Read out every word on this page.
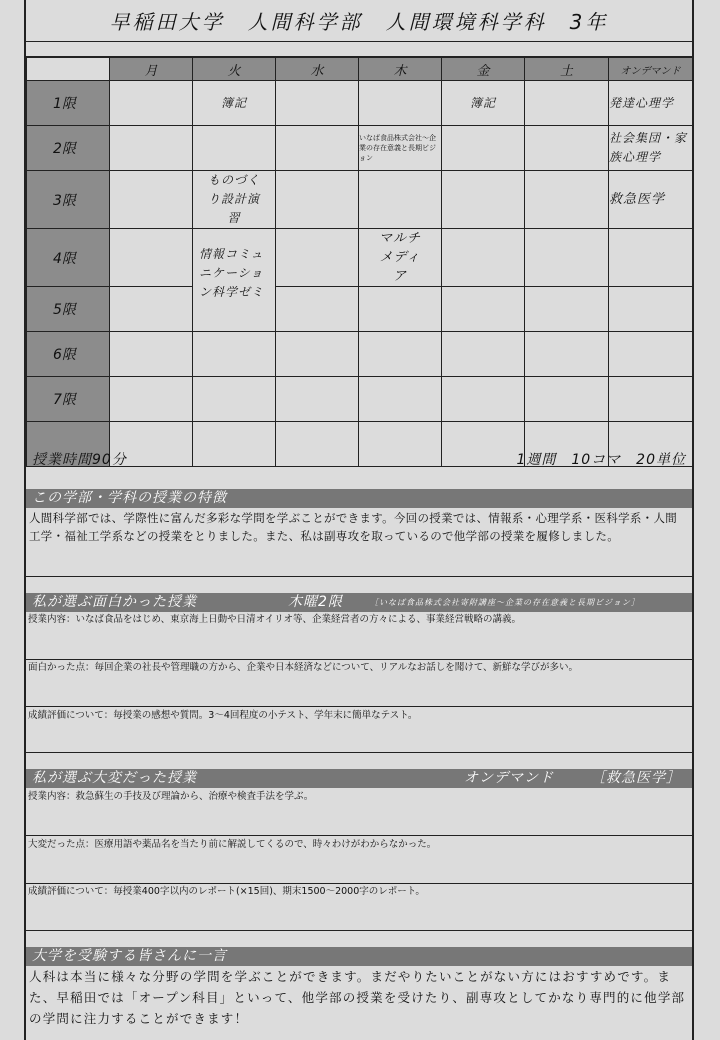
早稲田大学　人間科学部　人間環境科学科　3年
	月	火	水	木	金	土	オンデマンド
1限		簿記			簿記		発達心理学
2限				いなば食品株式会社～企業の存在意義と長期ビジョン			社会集団・家族心理学
3限		ものづくり設計演習					救急医学
4限		情報コミュニケーション科学ゼミ		マルチメディア			
5限							
6限							
7限							

授業時間90分	1週間　10コマ　20単位
この学部・学科の授業の特徴
人間科学部では、学際性に富んだ多彩な学問を学ぶことができます。今回の授業では、情報系・心理学系・医科学系・人間工学・福祉工学系などの授業をとりました。また、私は副専攻を取っているので他学部の授業を履修しました。
私が選ぶ面白かった授業	木曜2限	［いなば食品株式会社寄附講座～企業の存在意義と長期ビジョン］
授業内容：いなば食品をはじめ、東京海上日動や日清オイリオ等、企業経営者の方々による、事業経営戦略の講義。
面白かった点：毎回企業の社長や管理職の方から、企業や日本経済などについて、リアルなお話しを聞けて、新鮮な学びが多い。
成績評価について：毎授業の感想や質問。3～4回程度の小テスト、学年末に簡単なテスト。
私が選ぶ大変だった授業	オンデマンド	［救急医学］
授業内容：救急蘇生の手技及び理論から、治療や検査手法を学ぶ。
大変だった点：医療用語や薬品名を当たり前に解説してくるので、時々わけがわからなかった。
成績評価について：毎授業400字以内のレポート(×15回)、期末1500～2000字のレポート。
大学を受験する皆さんに一言
人科は本当に様々な分野の学問を学ぶことができます。まだやりたいことがない方にはおすすめです。また、早稲田では「オープン科目」といって、他学部の授業を受けたり、副専攻としてかなり専門的に他学部の学問に注力することができます！
